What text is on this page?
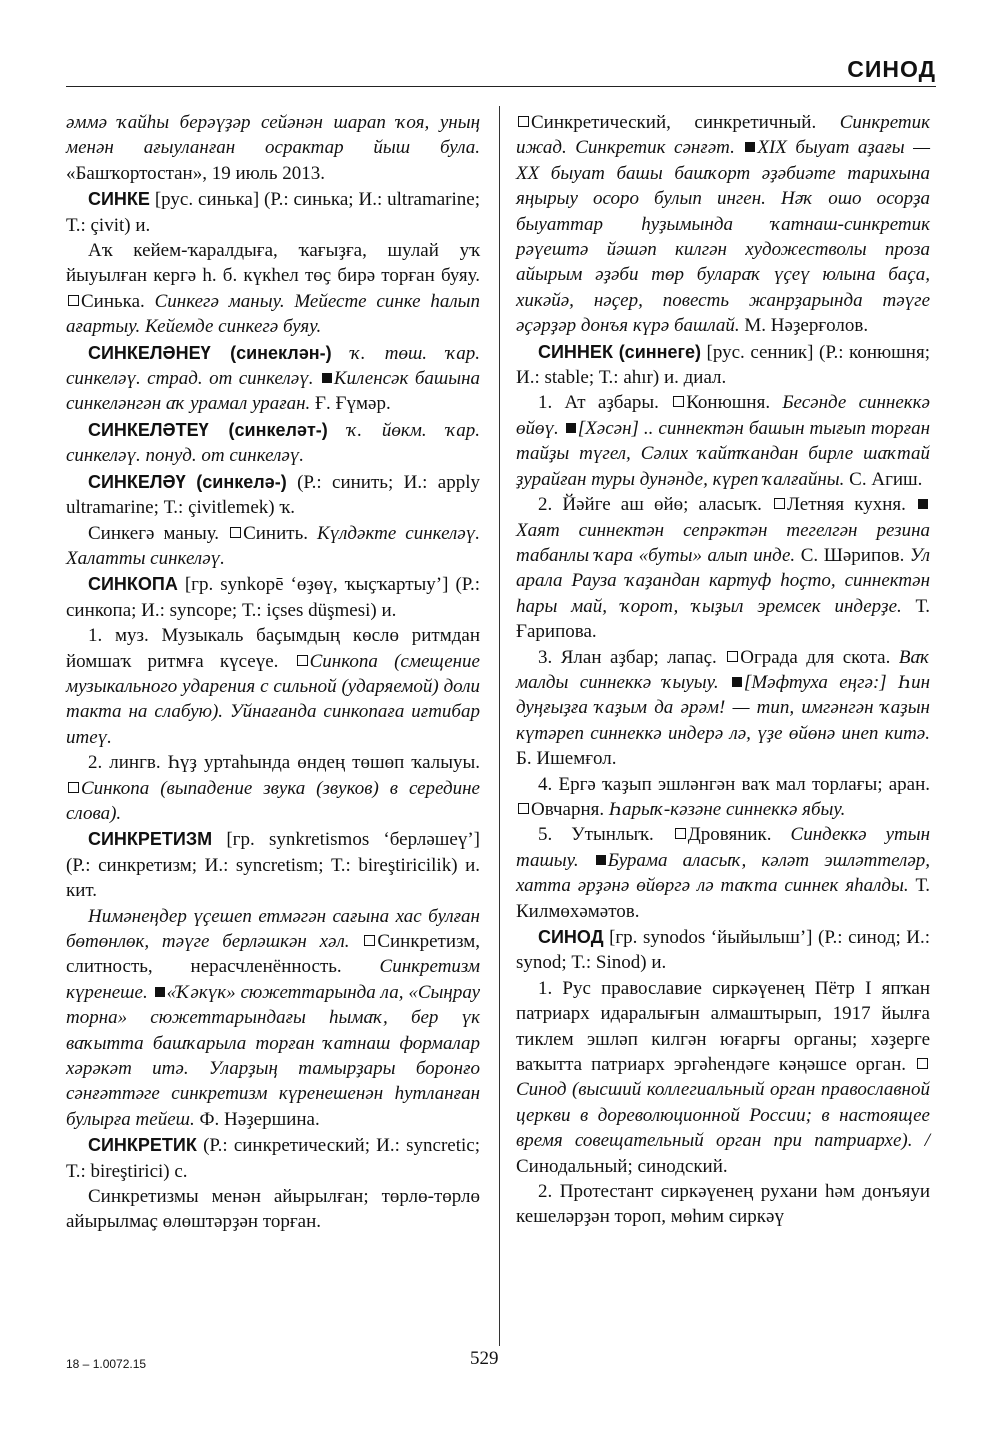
СИНОД

әммә ҡайһы берәүҙәр сейәнән шарап ҡоя, уның менән ағыуланған осрактар йыш була. «Башҡортостан», 19 июль 2013.

СИНКЕ [рус. синька] (Р.: синька; И.: ultramarine; Т.: çivit) и.

Аҡ кейем-ҡаралдыға, ҡағыҙға, шулай уҡ йыуылған кергә һ. б. күкһел төҫ бирә торған буяу. Синька. Синкегә маныу. Мейесте синке һалып ағартыу. Кейемде синкегә буяу.

СИНКЕЛӘНЕҮ (синеклән-) ҡ. төш. ҡар. синкеләү. страд. от синкеләү. Киленсәк башына синкеләнгән аҡ урамал ураған. Ғ. Ғүмәр.

СИНКЕЛӘТЕҮ (синкеләт-) ҡ. йөкм. ҡар. синкеләү. понуд. от синкеләү.

СИНКЕЛӘҮ (синкелә-) (Р.: синить; И.: apply ultramarine; Т.: çivitlemek) ҡ.

Синкегә маныу. Синить. Күлдәкте синкеләү. Халатты синкеләү.

СИНКОПА [гр. synkopē ‘өҙөү, ҡыҫҡартыу’] (Р.: синкопа; И.: syncope; Т.: içses düşmesi) и.

1. муз. Музыкаль баҫымдың көслө ритмдан йомшаҡ ритмға күсеүе. Синкопа (смещение музыкального ударения с сильной (ударяемой) доли такта на слабую). Уйнағанда синкопаға иғтибар итеү.

2. лингв. Һүҙ уртаһында өндең төшөп ҡалыуы. Синкопа (выпадение звука (звуков) в середине слова).

СИНКРЕТИЗМ [гр. synkretismos ‘берләшеү’] (Р.: синкретизм; И.: syncretism; Т.: bireştiricilik) и. кит.

Нимәнеңдер үҫешеп етмәгән сағына хас булған бөтөнлөк, тәүге берләшкән хәл. Синкретизм, слитность, нерасчленённость. Синкретизм күренеше. «Ҡәкүк» сюжеттарында ла, «Сыңрау торна» сюжеттарындағы һымаҡ, бер үк ваҡытта башҡарыла торған ҡатнаш формалар хәрәкәт итә. Уларҙың тамырҙары боронғо сәнғәттәге синкретизм күренешенән һутланған булырға тейеш. Ф. Нәҙершина.

СИНКРЕТИК (Р.: синкретический; И.: syncretic; Т.: bireştirici) с.

Синкретизмы менән айырылған; төрлө-төрлө айырылмаҫ өлөштәрҙән торған.

Синкретический, синкретичный. Синкретик ижад. Синкретик сәнғәт. XIX быуат аҙағы — XX быуат башы башҡорт әҙәбиәте тарихына яңырыу осоро булып инген. Нәҡ ошо осорҙа быуаттар һуҙымында ҡатнаш-синкретик рәүештә йәшәп килгән художестволы проза айырым әҙәби төр булараҡ үҫеү юлына баҫа, хикәйә, нәҫер, повесть жанрҙарында тәүге әҫәрҙәр донъя күрә башлай. М. Нәҙерғолов.

СИННЕК (синнеге) [рус. сенник] (Р.: конюшня; И.: stable; Т.: ahır) и. диал.

1. Ат аҙбары. Конюшня. Бесәнде синнеккә өйөү. [Хәсән] .. синнектән башын тығып торған тайҙы түгел, Сәлих ҡайтҡандан бирле шаҡтай ҙурайған туры дунәнде, күреп ҡалғайны. С. Агиш.

2. Йәйге аш өйө; аласыҡ. Летняя кухня. Хаят синнектән сепрәктән тегелгән резина табанлы ҡара «буты» алып инде. С. Шәрипов. Ул арала Рауза ҡаҙандан картуф һоҫто, синнектән һары май, ҡорот, ҡыҙыл эремсек индерҙе. Т. Ғарипова.

3. Ялан аҙбар; лапаҫ. Ограда для скота. Ваҡ малды синнеккә ҡыуыу. [Мәфтуха еңгә:] Һин дуңғыҙға ҡаҙым да әрәм! — тип, имгәнгән ҡаҙын күтәреп синнеккә индерә лә, үҙе өйөнә инеп китә. Б. Ишемғол.

4. Ергә ҡаҙып эшләнгән ваҡ мал торлағы; аран. Овчарня. Һарыҡ-кәзәне синнеккә ябыу.

5. Утынлыҡ. Дровяник. Синдеккә утын ташыу. Бурама аласыҡ, кәләт эшләттеләр, хатта әрҙәнә өйөргә лә таҡта синнек яһалды. Т. Килмөхәмәтов.

СИНОД [гр. synodos ‘йыйылыш’] (Р.: синод; И.: synod; Т.: Sinod) и.

1. Рус православие сиркәүенең Пётр I япҡан патриарх идаралығын алмаштырып, 1917 йылға тиклем эшләп килгән юғарғы органы; хәҙерге ваҡытта патриарх эргәһендәге кәңәшсе орган. Синод (высший коллегиальный орган православной церкви в дореволюционной России; в настоящее время совещательный орган при патриархе). / Синодальный; синодский.

2. Протестант сиркәүенең рухани һәм донъяуи кешеләрҙән тороп, мөһим сиркәү

18 – 1.0072.15	529
